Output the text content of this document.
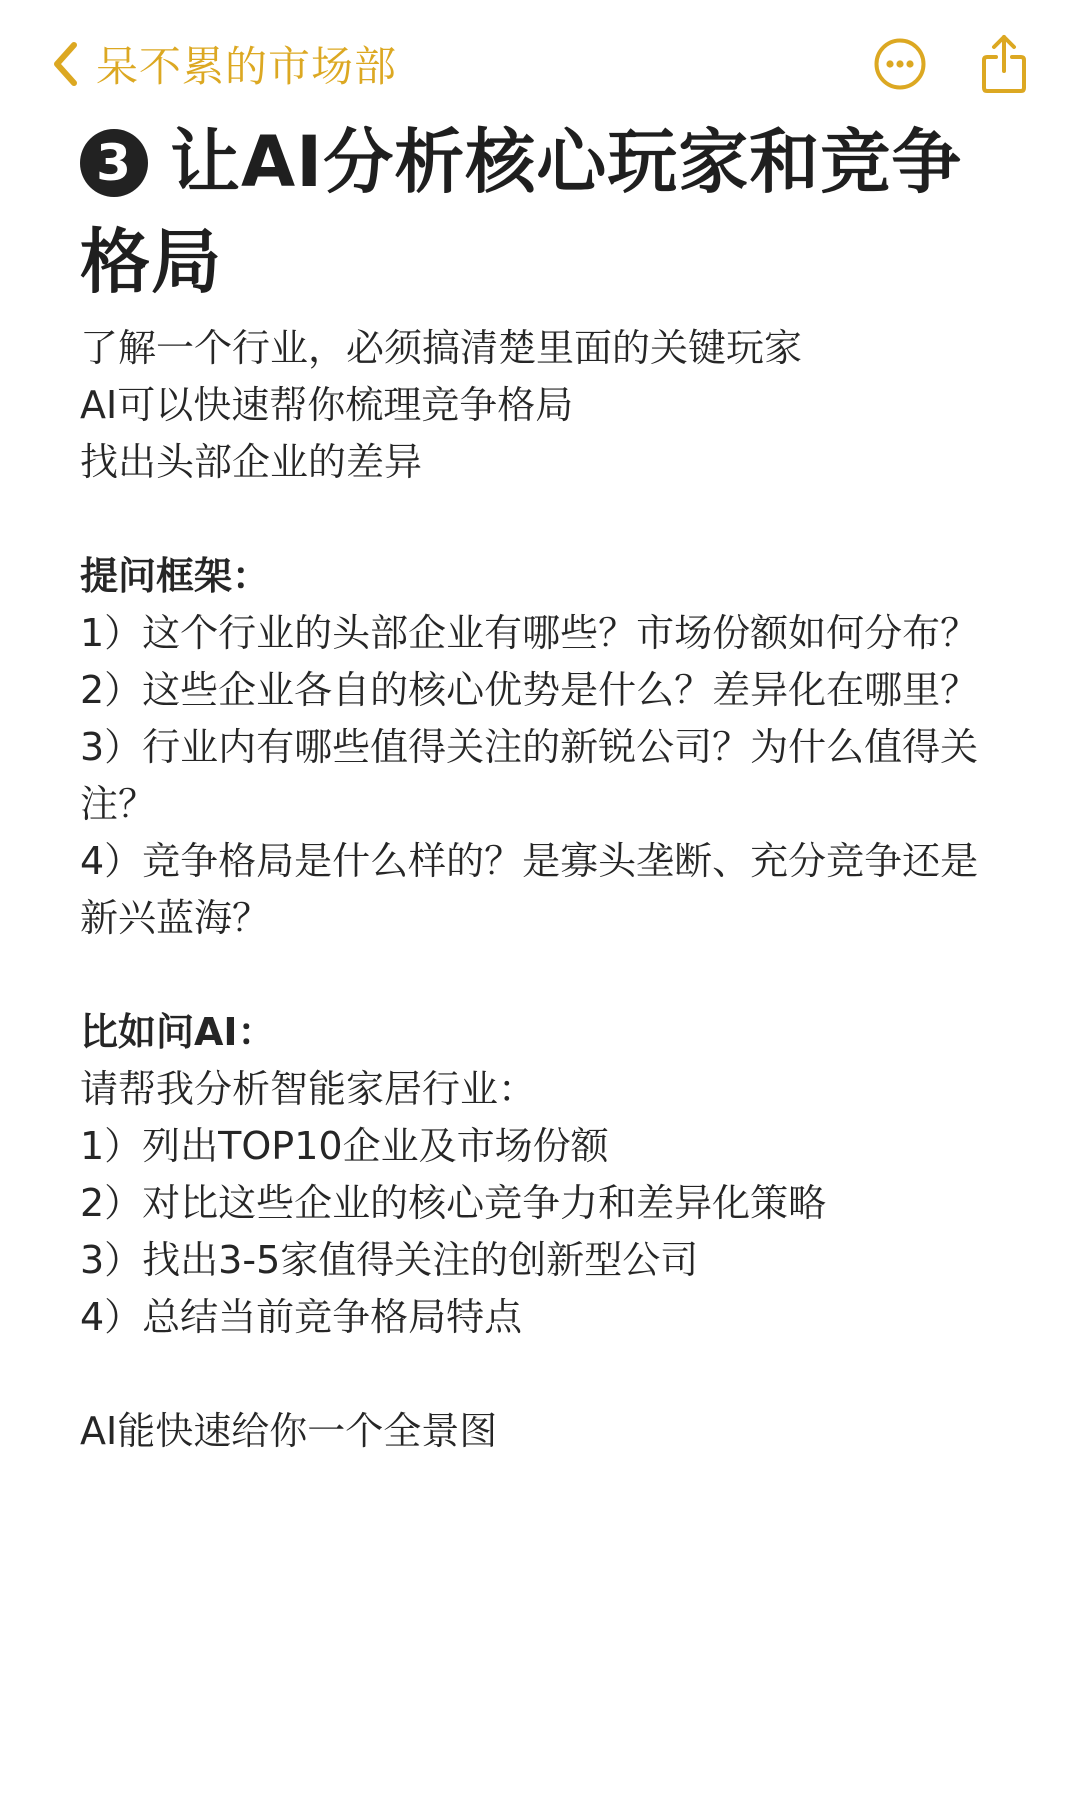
呆不累的市场部
3 让AI分析核心玩家和竞争格局
了解一个行业，必须搞清楚里面的关键玩家
AI可以快速帮你梳理竞争格局
找出头部企业的差异
提问框架：
1）这个行业的头部企业有哪些？市场份额如何分布？
2）这些企业各自的核心优势是什么？差异化在哪里？
3）行业内有哪些值得关注的新锐公司？为什么值得关注？
4）竞争格局是什么样的？是寡头垄断、充分竞争还是新兴蓝海？
比如问AI：
请帮我分析智能家居行业：
1）列出TOP10企业及市场份额
2）对比这些企业的核心竞争力和差异化策略
3）找出3-5家值得关注的创新型公司
4）总结当前竞争格局特点
AI能快速给你一个全景图
